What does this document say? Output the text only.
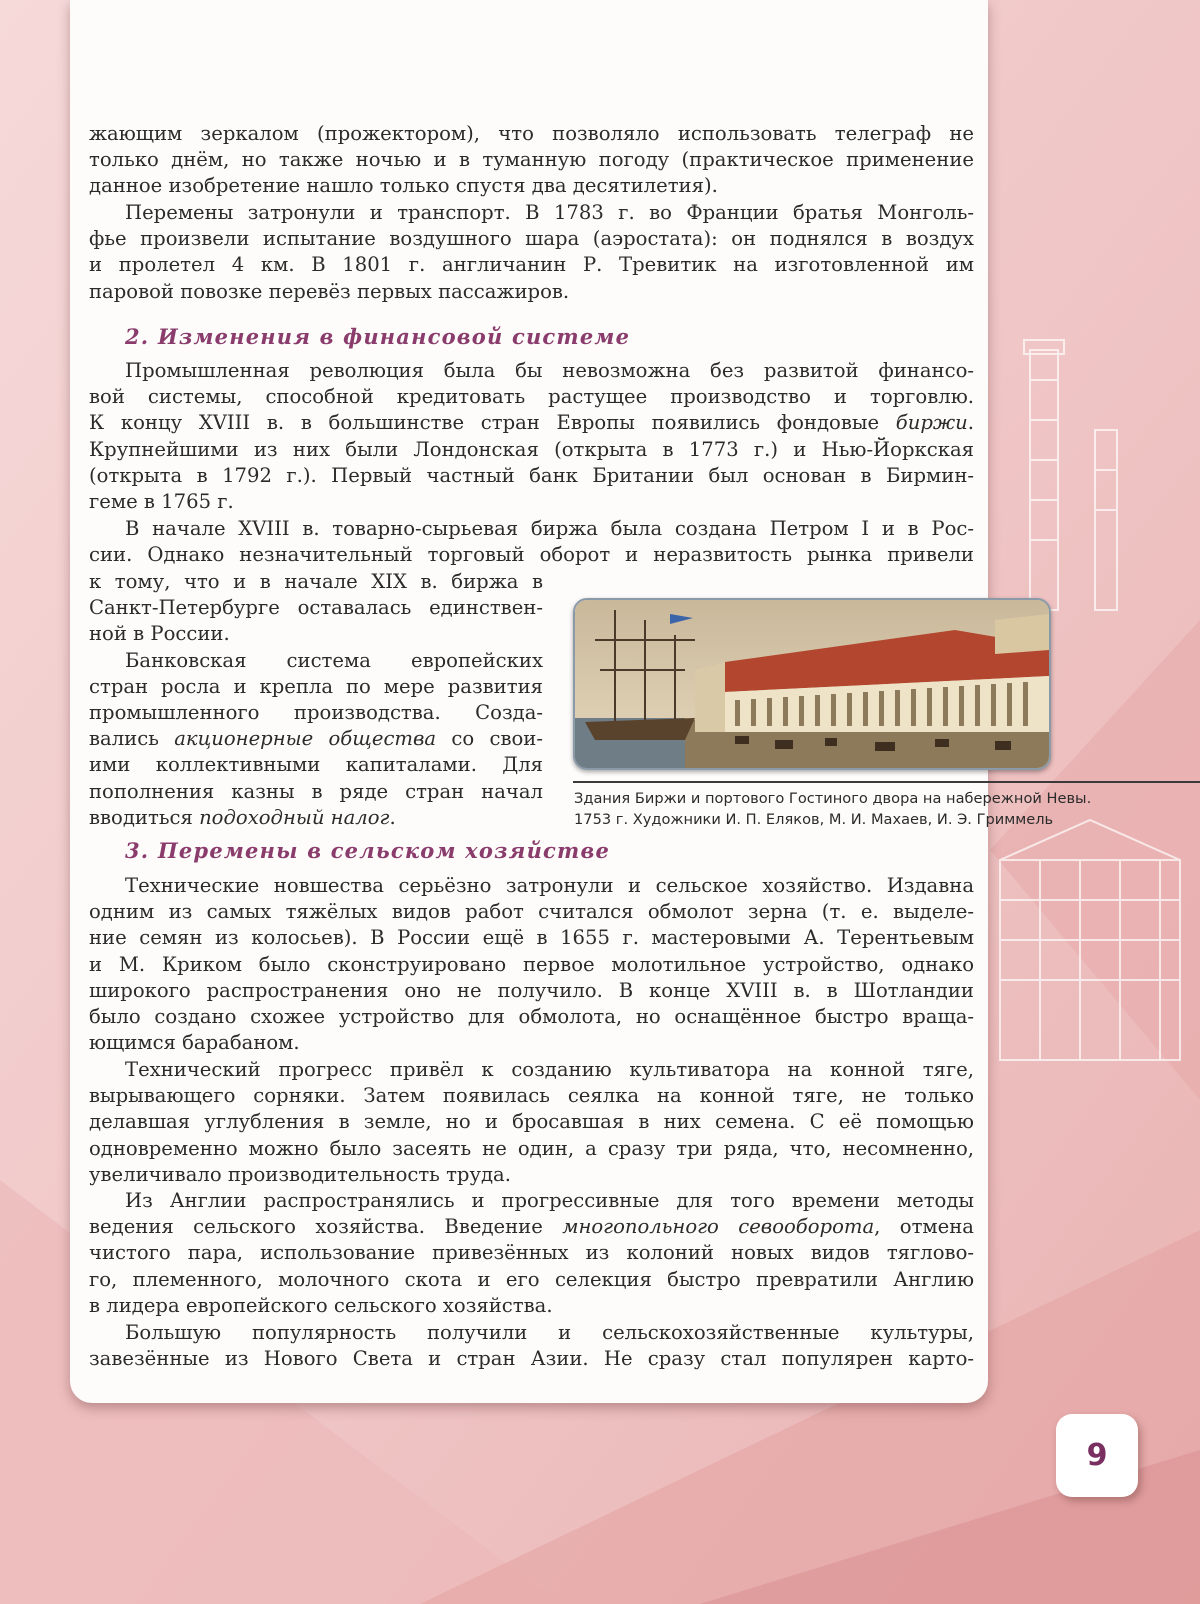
жающим зеркалом (прожектором), что позволяло использовать телеграф не
только днём, но также ночью и в туманную погоду (практическое применение
данное изобретение нашло только спустя два десятилетия).
Перемены затронули и транспорт. В 1783 г. во Франции братья Монголь-
фье произвели испытание воздушного шара (аэростата): он поднялся в воздух
и пролетел 4 км. В 1801 г. англичанин Р. Тревитик на изготовленной им
паровой повозке перевёз первых пассажиров.
2. Изменения в финансовой системе
Промышленная революция была бы невозможна без развитой финансо-
вой системы, способной кредитовать растущее производство и торговлю.
К концу XVIII в. в большинстве стран Европы появились фондовые биржи.
Крупнейшими из них были Лондонская (открыта в 1773 г.) и Нью-Йоркская
(открыта в 1792 г.). Первый частный банк Британии был основан в Бирмин-
геме в 1765 г.
В начале XVIII в. товарно-сырьевая биржа была создана Петром I и в Рос-
сии. Однако незначительный торговый оборот и неразвитость рынка привели
к тому, что и в начале XIX в. биржа в
Санкт-Петербурге оставалась единствен-
ной в России.
Банковская система европейских
стран росла и крепла по мере развития
промышленного производства. Созда-
вались акционерные общества со свои-
ими коллективными капиталами. Для
пополнения казны в ряде стран начал
вводиться подоходный налог.
Здания Биржи и портового Гостиного двора на набережной Невы.
1753 г. Художники И. П. Еляков, М. И. Махаев, И. Э. Гриммель
3. Перемены в сельском хозяйстве
Технические новшества серьёзно затронули и сельское хозяйство. Издавна
одним из самых тяжёлых видов работ считался обмолот зерна (т. е. выделе-
ние семян из колосьев). В России ещё в 1655 г. мастеровыми А. Терентьевым
и М. Криком было сконструировано первое молотильное устройство, однако
широкого распространения оно не получило. В конце XVIII в. в Шотландии
было создано схожее устройство для обмолота, но оснащённое быстро враща-
ющимся барабаном.
Технический прогресс привёл к созданию культиватора на конной тяге,
вырывающего сорняки. Затем появилась сеялка на конной тяге, не только
делавшая углубления в земле, но и бросавшая в них семена. С её помощью
одновременно можно было засеять не один, а сразу три ряда, что, несомненно,
увеличивало производительность труда.
Из Англии распространялись и прогрессивные для того времени методы
ведения сельского хозяйства. Введение многопольного севооборота, отмена
чистого пара, использование привезённых из колоний новых видов тяглово-
го, племенного, молочного скота и его селекция быстро превратили Англию
в лидера европейского сельского хозяйства.
Большую популярность получили и сельскохозяйственные культуры,
завезённые из Нового Света и стран Азии. Не сразу стал популярен карто-
9
